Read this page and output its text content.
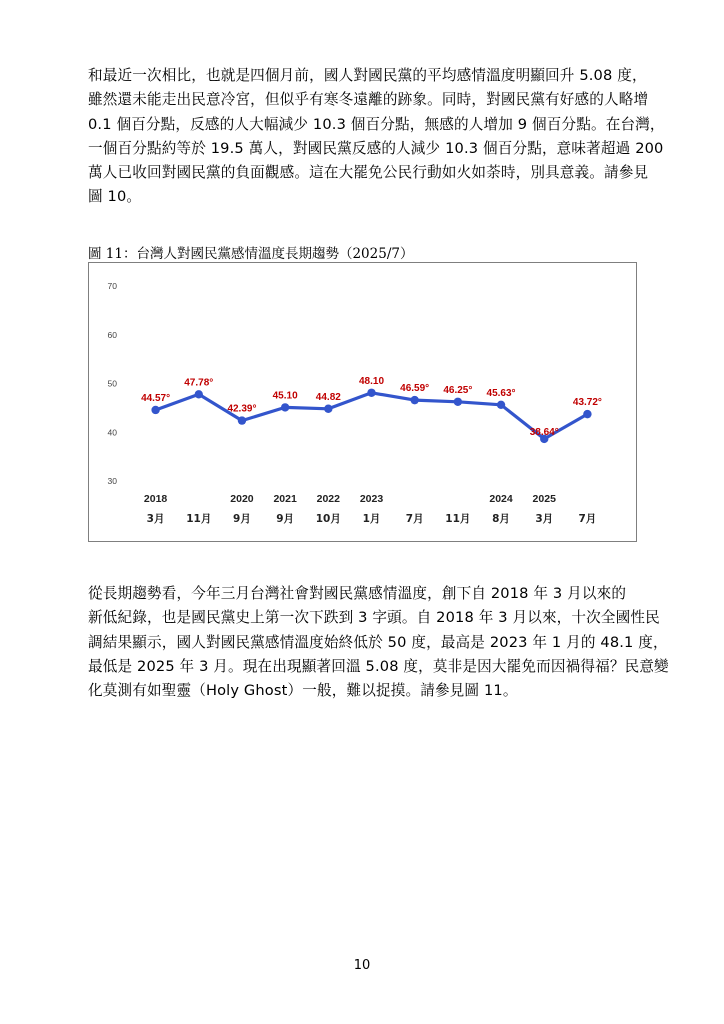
和最近一次相比，也就是四個月前，國人對國民黨的平均感情溫度明顯回升 5.08 度，
雖然還未能走出民意冷宮，但似乎有寒冬遠離的跡象。同時，對國民黨有好感的人略增
0.1 個百分點，反感的人大幅減少 10.3 個百分點，無感的人增加 9 個百分點。在台灣，
一個百分點約等於 19.5 萬人，對國民黨反感的人減少 10.3 個百分點，意味著超過 200
萬人已收回對國民黨的負面觀感。這在大罷免公民行動如火如荼時，別具意義。請參見
圖 10。
圖 11：台灣人對國民黨感情溫度長期趨勢（2025/7）
30
40
50
60
70
44.57°
47.78°
42.39°
45.10 44.82
48.10
46.59° 46.25° 45.63°
38.64°
43.72°
2018	2020 2021 2022 2023	2024 2025
3月 11月 9月 9月 10月 1月 7月 11月 8月 3月 7月
從長期趨勢看，今年三月台灣社會對國民黨感情溫度，創下自 2018 年 3 月以來的
新低紀錄，也是國民黨史上第一次下跌到 3 字頭。自 2018 年 3 月以來，十次全國性民
調結果顯示，國人對國民黨感情溫度始終低於 50 度，最高是 2023 年 1 月的 48.1 度，
最低是 2025 年 3 月。現在出現顯著回溫 5.08 度，莫非是因大罷免而因禍得福？民意變
化莫測有如聖靈（Holy Ghost）一般，難以捉摸。請參見圖 11。
10
